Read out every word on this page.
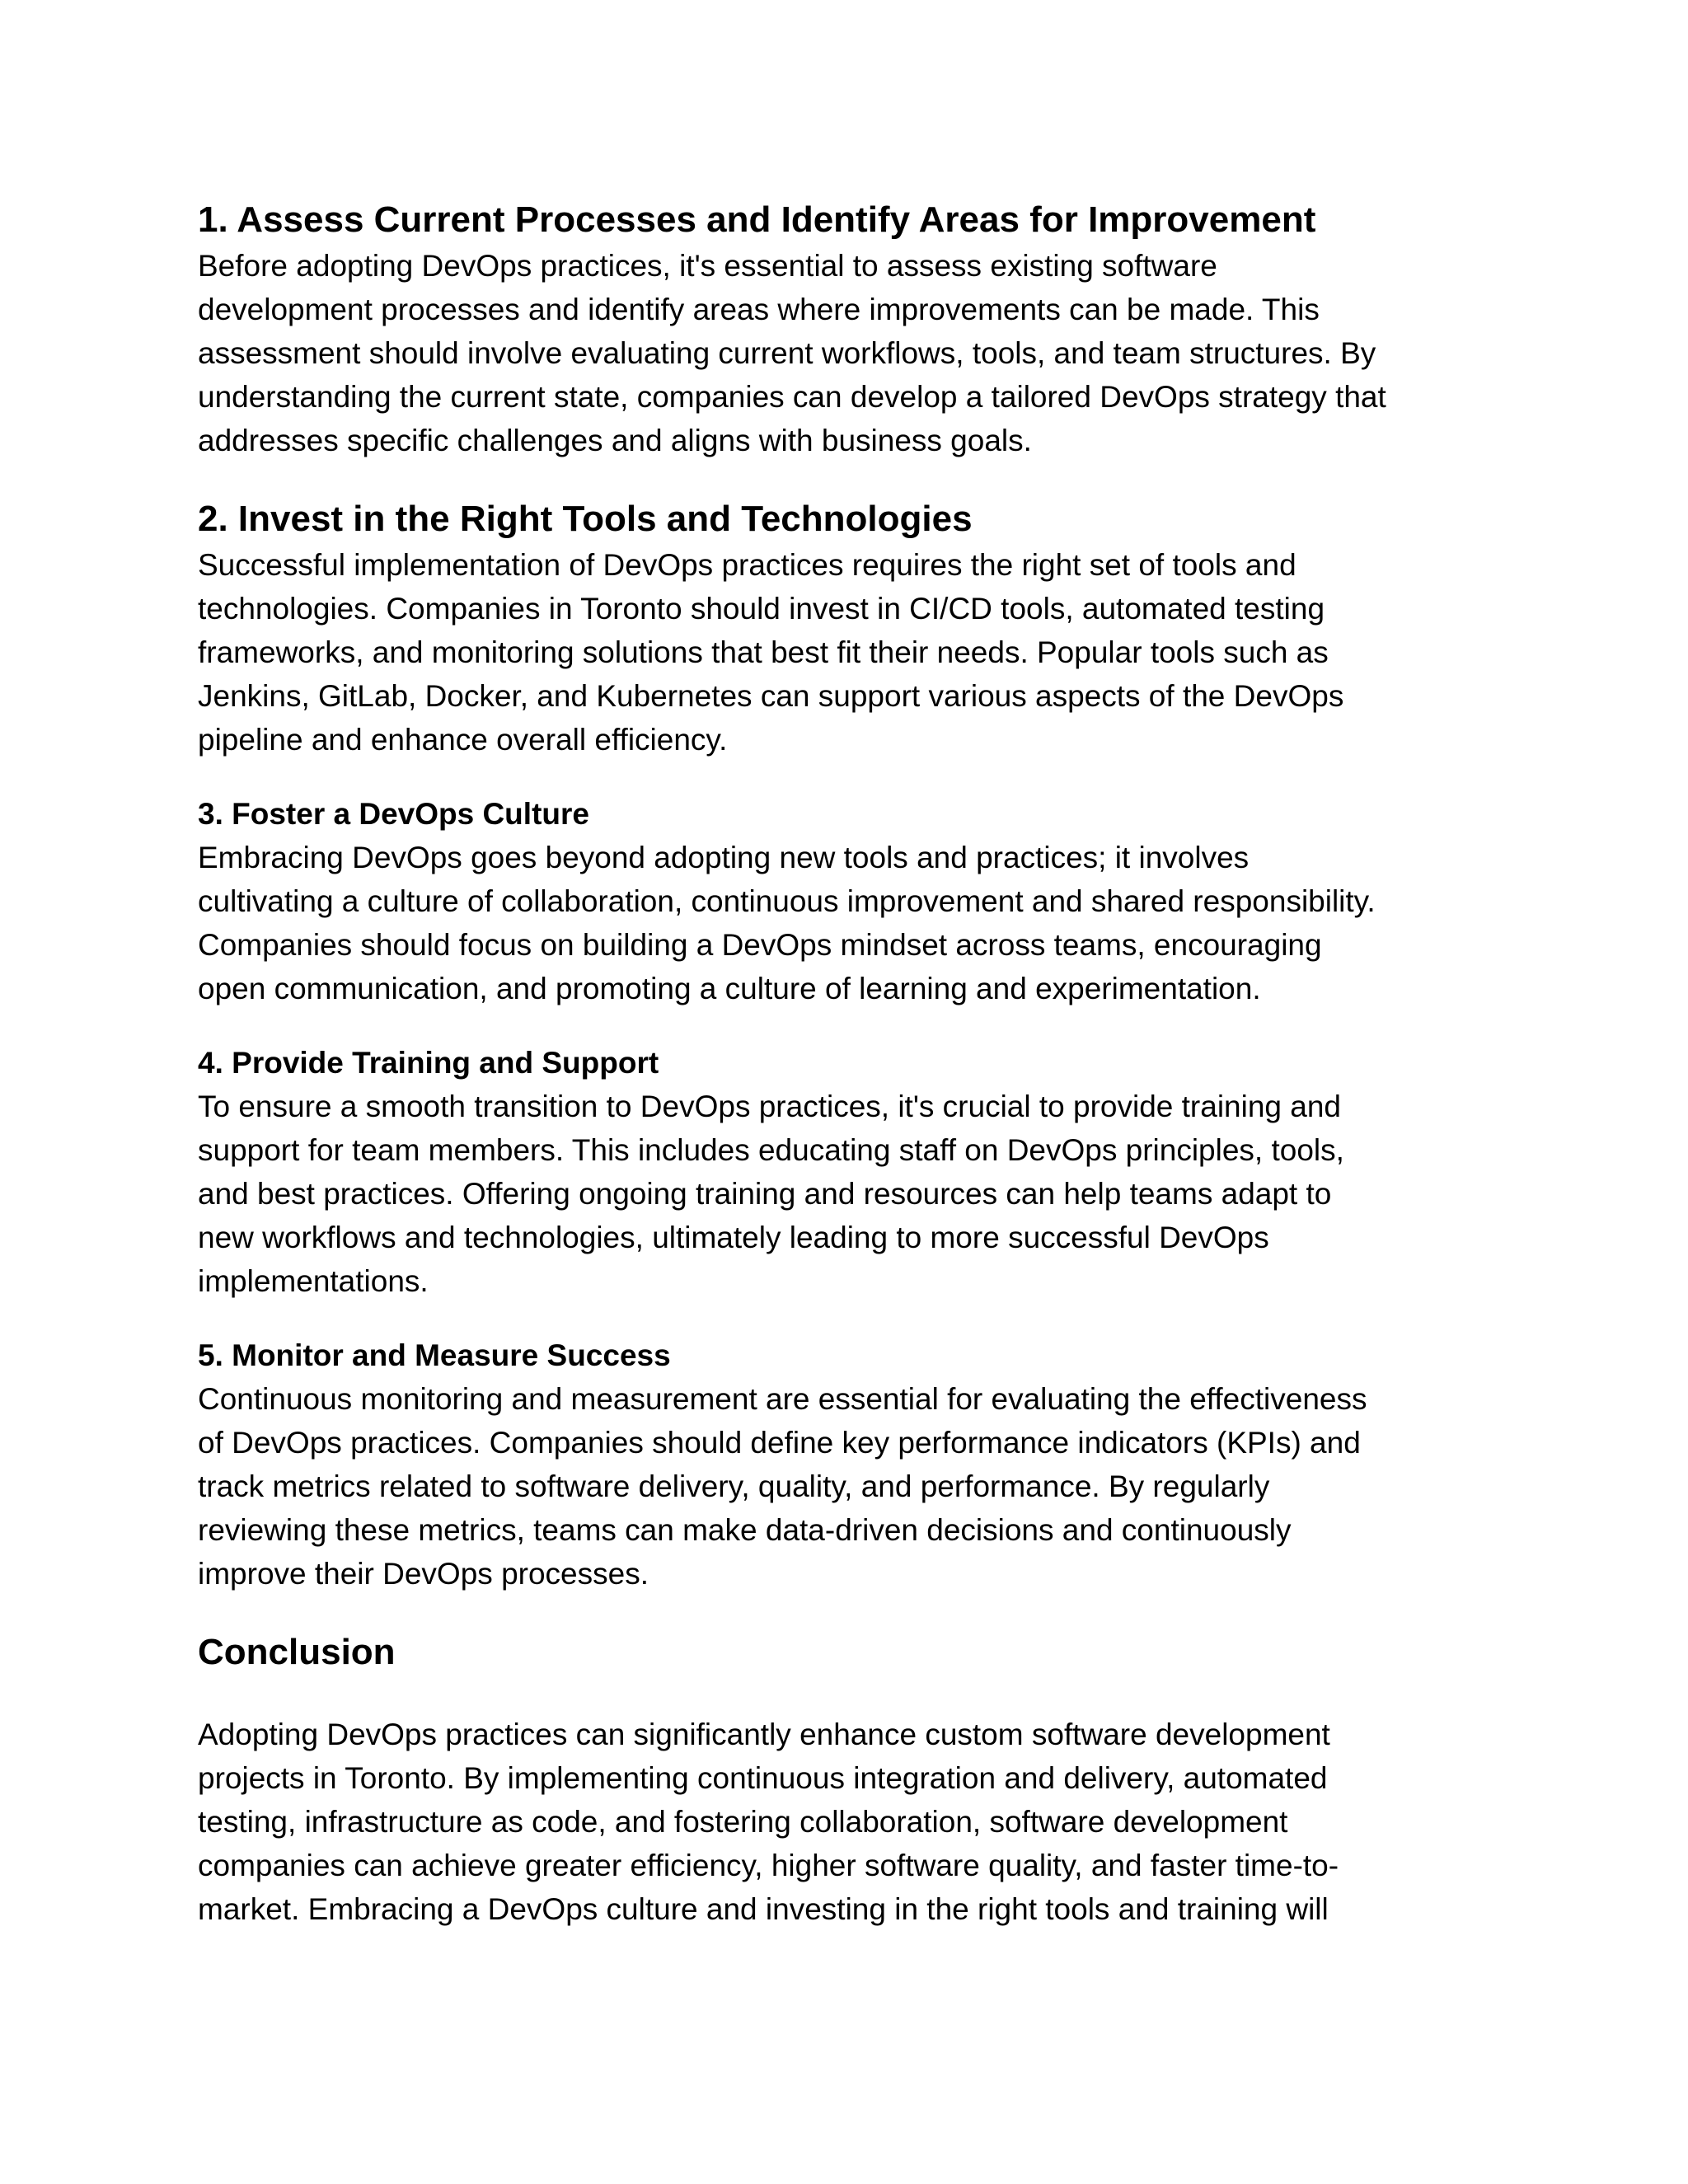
1. Assess Current Processes and Identify Areas for Improvement

Before adopting DevOps practices, it's essential to assess existing software
development processes and identify areas where improvements can be made. This
assessment should involve evaluating current workflows, tools, and team structures. By
understanding the current state, companies can develop a tailored DevOps strategy that
addresses specific challenges and aligns with business goals.

2. Invest in the Right Tools and Technologies

Successful implementation of DevOps practices requires the right set of tools and
technologies. Companies in Toronto should invest in CI/CD tools, automated testing
frameworks, and monitoring solutions that best fit their needs. Popular tools such as
Jenkins, GitLab, Docker, and Kubernetes can support various aspects of the DevOps
pipeline and enhance overall efficiency.

3. Foster a DevOps Culture

Embracing DevOps goes beyond adopting new tools and practices; it involves
cultivating a culture of collaboration, continuous improvement and shared responsibility.
Companies should focus on building a DevOps mindset across teams, encouraging
open communication, and promoting a culture of learning and experimentation.

4. Provide Training and Support

To ensure a smooth transition to DevOps practices, it's crucial to provide training and
support for team members. This includes educating staff on DevOps principles, tools,
and best practices. Offering ongoing training and resources can help teams adapt to
new workflows and technologies, ultimately leading to more successful DevOps
implementations.

5. Monitor and Measure Success

Continuous monitoring and measurement are essential for evaluating the effectiveness
of DevOps practices. Companies should define key performance indicators (KPIs) and
track metrics related to software delivery, quality, and performance. By regularly
reviewing these metrics, teams can make data-driven decisions and continuously
improve their DevOps processes.

Conclusion

Adopting DevOps practices can significantly enhance custom software development
projects in Toronto. By implementing continuous integration and delivery, automated
testing, infrastructure as code, and fostering collaboration, software development
companies can achieve greater efficiency, higher software quality, and faster time-to-
market. Embracing a DevOps culture and investing in the right tools and training will
